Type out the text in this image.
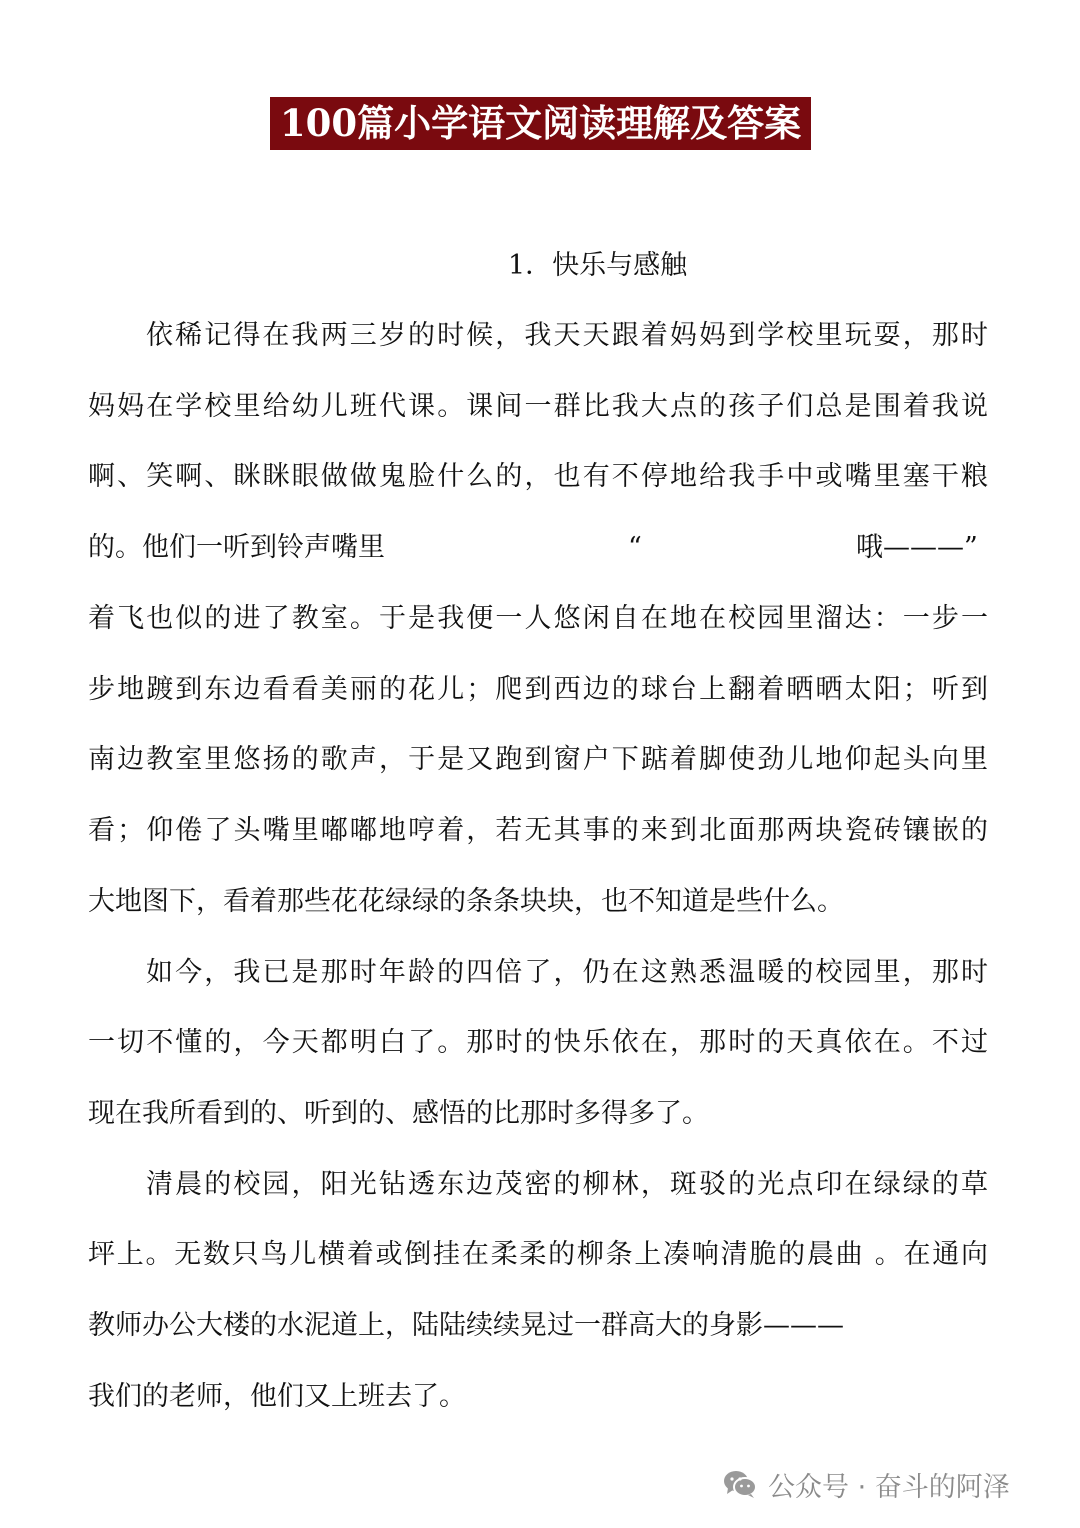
100篇小学语文阅读理解及答案
1．快乐与感触
依稀记得在我两三岁的时候，我天天跟着妈妈到学校里玩耍，那时
妈妈在学校里给幼儿班代课。课间一群比我大点的孩子们总是围着我说
啊、笑啊、眯眯眼做做鬼脸什么的，也有不停地给我手中或嘴里塞干粮
的。他们一听到铃声嘴里	“	哦———”
着飞也似的进了教室。于是我便一人悠闲自在地在校园里溜达：一步一
步地踱到东边看看美丽的花儿；爬到西边的球台上翻着晒晒太阳；听到
南边教室里悠扬的歌声，于是又跑到窗户下踮着脚使劲儿地仰起头向里
看；仰倦了头嘴里嘟嘟地哼着，若无其事的来到北面那两块瓷砖镶嵌的
大地图下，看着那些花花绿绿的条条块块，也不知道是些什么。
如今，我已是那时年龄的四倍了，仍在这熟悉温暖的校园里，那时
一切不懂的，今天都明白了。那时的快乐依在，那时的天真依在。不过
现在我所看到的、听到的、感悟的比那时多得多了。
清晨的校园，阳光钻透东边茂密的柳林，斑驳的光点印在绿绿的草
坪上。无数只鸟儿横着或倒挂在柔柔的柳条上凑响清脆的晨曲 。在通向
教师办公大楼的水泥道上，陆陆续续晃过一群高大的身影———
我们的老师，他们又上班去了。
公众号 · 奋斗的阿泽
